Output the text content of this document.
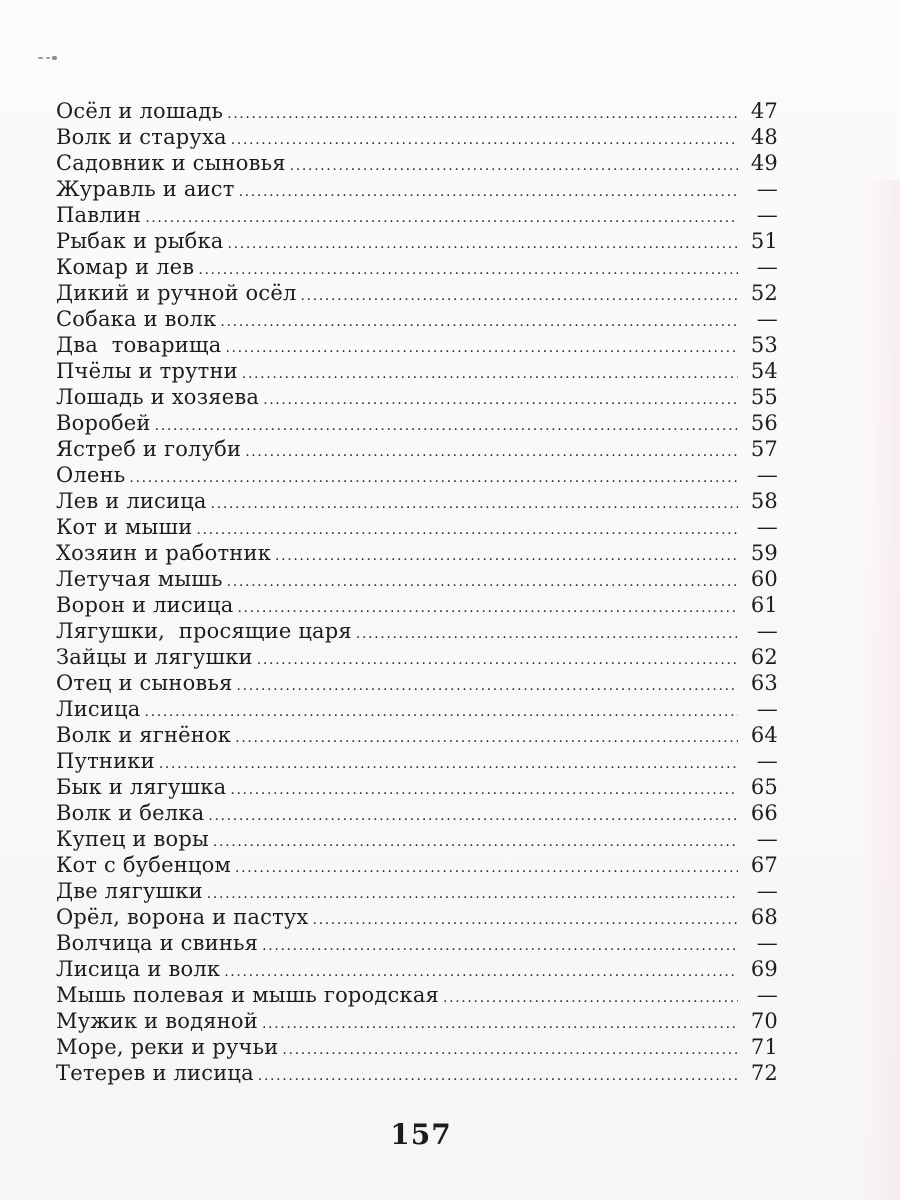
Осёл и лошадь . . .	47
Волк и старуха . . .	48
Садовник и сыновья . . .	49
Журавль и аист . . .	—
Павлин . . .	—
Рыбак и рыбка . . .	51
Комар и лев . . .	—
Дикий и ручной осёл . . .	52
Собака и волк . . .	—
Два  товарища . . .	53
Пчёлы и трутни . . .	54
Лошадь и хозяева . . .	55
Воробей . . .	56
Ястреб и голуби . . .	57
Олень . . .	—
Лев и лисица . . .	58
Кот и мыши . . .	—
Хозяин и работник . . .	59
Летучая мышь . . .	60
Ворон и лисица . . .	61
Лягушки,  просящие царя . . .	—
Зайцы и лягушки . . .	62
Отец и сыновья . . .	63
Лисица . . .	—
Волк и ягнёнок . . .	64
Путники . . .	—
Бык и лягушка . . .	65
Волк и белка . . .	66
Купец и воры . . .	—
Кот с бубенцом . . .	67
Две лягушки . . .	—
Орёл, ворона и пастух . . .	68
Волчица и свинья . . .	—
Лисица и волк . . .	69
Мышь полевая и мышь городская . . .	—
Мужик и водяной . . .	70
Море, реки и ручьи . . .	71
Тетерев и лисица . . .	72
157
